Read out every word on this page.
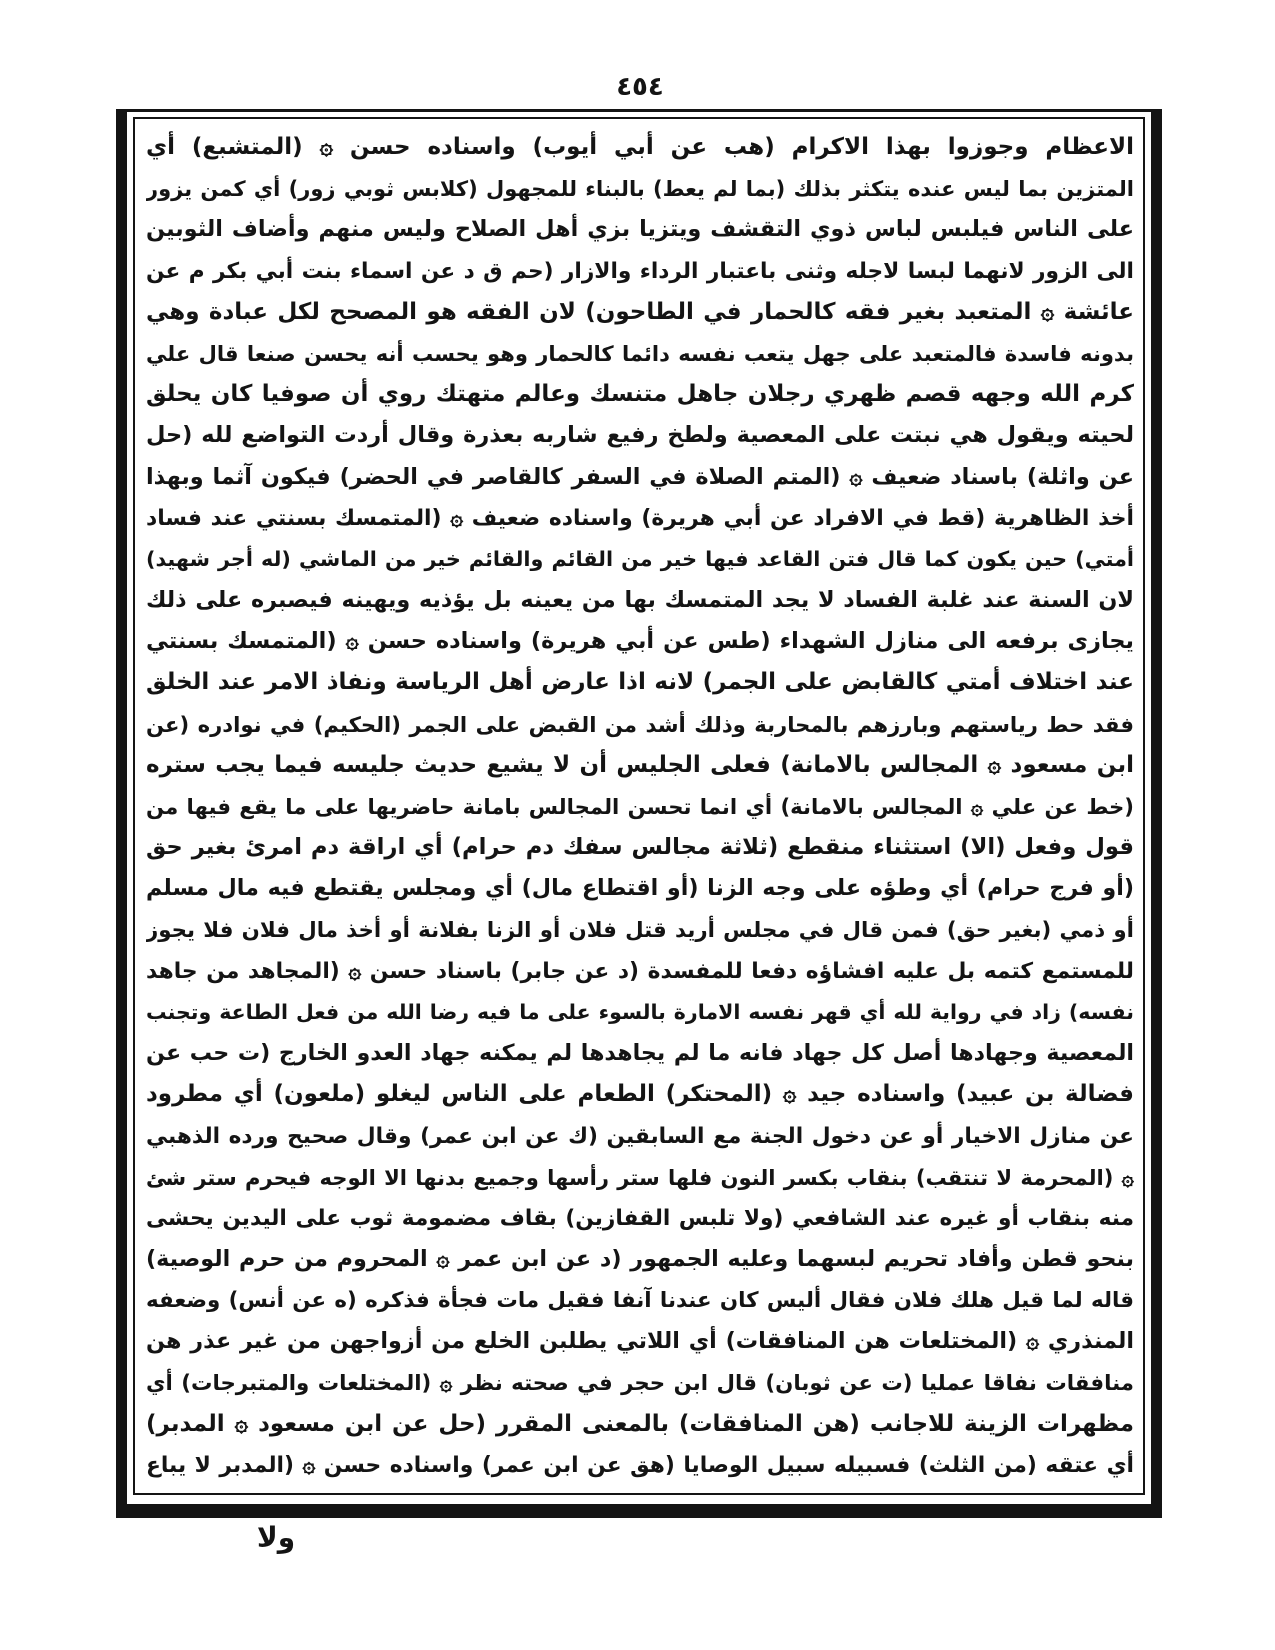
٤٥٤
الاعظام وجوزوا بهذا الاكرام (هب عن أبي أيوب) واسناده حسن ۞ (المتشبع) أي
المتزين بما ليس عنده يتكثر بذلك (بما لم يعط) بالبناء للمجهول (كلابس ثوبي زور) أي كمن يزور
على الناس فيلبس لباس ذوي التقشف ويتزيا بزي أهل الصلاح وليس منهم وأضاف الثوبين
الى الزور لانهما لبسا لاجله وثنى باعتبار الرداء والازار (حم ق د عن اسماء بنت أبي بكر م عن
عائشة ۞ المتعبد بغير فقه كالحمار في الطاحون) لان الفقه هو المصحح لكل عبادة وهي
بدونه فاسدة فالمتعبد على جهل يتعب نفسه دائما كالحمار وهو يحسب أنه يحسن صنعا قال علي
كرم الله وجهه قصم ظهري رجلان جاهل متنسك وعالم متهتك روي أن صوفيا كان يحلق
لحيته ويقول هي نبتت على المعصية ولطخ رفيع شاربه بعذرة وقال أردت التواضع لله (حل
عن واثلة) باسناد ضعيف ۞ (المتم الصلاة في السفر كالقاصر في الحضر) فيكون آثما وبهذا
أخذ الظاهرية (قط في الافراد عن أبي هريرة) واسناده ضعيف ۞ (المتمسك بسنتي عند فساد
أمتي) حين يكون كما قال فتن القاعد فيها خير من القائم والقائم خير من الماشي (له أجر شهيد)
لان السنة عند غلبة الفساد لا يجد المتمسك بها من يعينه بل يؤذيه ويهينه فيصبره على ذلك
يجازى برفعه الى منازل الشهداء (طس عن أبي هريرة) واسناده حسن ۞ (المتمسك بسنتي
عند اختلاف أمتي كالقابض على الجمر) لانه اذا عارض أهل الرياسة ونفاذ الامر عند الخلق
فقد حط رياستهم وبارزهم بالمحاربة وذلك أشد من القبض على الجمر (الحكيم) في نوادره (عن
ابن مسعود ۞ المجالس بالامانة) فعلى الجليس أن لا يشيع حديث جليسه فيما يجب ستره
(خط عن علي ۞ المجالس بالامانة) أي انما تحسن المجالس بامانة حاضريها على ما يقع فيها من
قول وفعل (الا) استثناء منقطع (ثلاثة مجالس سفك دم حرام) أي اراقة دم امرئ بغير حق
(أو فرج حرام) أي وطؤه على وجه الزنا (أو اقتطاع مال) أي ومجلس يقتطع فيه مال مسلم
أو ذمي (بغير حق) فمن قال في مجلس أريد قتل فلان أو الزنا بفلانة أو أخذ مال فلان فلا يجوز
للمستمع كتمه بل عليه افشاؤه دفعا للمفسدة (د عن جابر) باسناد حسن ۞ (المجاهد من جاهد
نفسه) زاد في رواية لله أي قهر نفسه الامارة بالسوء على ما فيه رضا الله من فعل الطاعة وتجنب
المعصية وجهادها أصل كل جهاد فانه ما لم يجاهدها لم يمكنه جهاد العدو الخارج (ت حب عن
فضالة بن عبيد) واسناده جيد ۞ (المحتكر) الطعام على الناس ليغلو (ملعون) أي مطرود
عن منازل الاخيار أو عن دخول الجنة مع السابقين (ك عن ابن عمر) وقال صحيح ورده الذهبي
۞ (المحرمة لا تنتقب) بنقاب بكسر النون فلها ستر رأسها وجميع بدنها الا الوجه فيحرم ستر شئ
منه بنقاب أو غيره عند الشافعي (ولا تلبس القفازين) بقاف مضمومة ثوب على اليدين يحشى
بنحو قطن وأفاد تحريم لبسهما وعليه الجمهور (د عن ابن عمر ۞ المحروم من حرم الوصية)
قاله لما قيل هلك فلان فقال أليس كان عندنا آنفا فقيل مات فجأة فذكره (ه عن أنس) وضعفه
المنذري ۞ (المختلعات هن المنافقات) أي اللاتي يطلبن الخلع من أزواجهن من غير عذر هن
منافقات نفاقا عمليا (ت عن ثوبان) قال ابن حجر في صحته نظر ۞ (المختلعات والمتبرجات) أي
مظهرات الزينة للاجانب (هن المنافقات) بالمعنى المقرر (حل عن ابن مسعود ۞ المدبر)
أي عتقه (من الثلث) فسبيله سبيل الوصايا (هق عن ابن عمر) واسناده حسن ۞ (المدبر لا يباع
ولا
